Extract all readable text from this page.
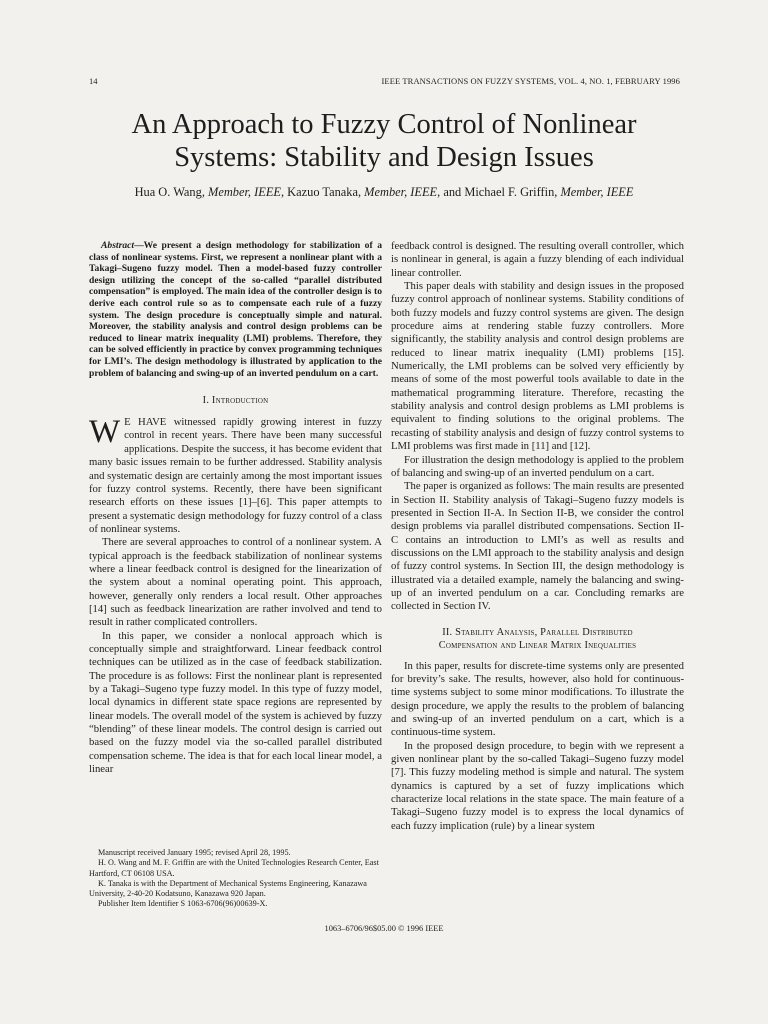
14	IEEE TRANSACTIONS ON FUZZY SYSTEMS, VOL. 4, NO. 1, FEBRUARY 1996
An Approach to Fuzzy Control of Nonlinear
Systems: Stability and Design Issues
Hua O. Wang, Member, IEEE, Kazuo Tanaka, Member, IEEE, and Michael F. Griffin, Member, IEEE

Abstract—We present a design methodology for stabilization of a class of nonlinear systems. First, we represent a nonlinear plant with a Takagi–Sugeno fuzzy model. Then a model-based fuzzy controller design utilizing the concept of the so-called “parallel distributed compensation” is employed. The main idea of the controller design is to derive each control rule so as to compensate each rule of a fuzzy system. The design procedure is conceptually simple and natural. Moreover, the stability analysis and control design problems can be reduced to linear matrix inequality (LMI) problems. Therefore, they can be solved efficiently in practice by convex programming techniques for LMI’s. The design methodology is illustrated by application to the problem of balancing and swing-up of an inverted pendulum on a cart.

I. Introduction

W E HAVE witnessed rapidly growing interest in fuzzy control in recent years. There have been many successful applications. Despite the success, it has become evident that many basic issues remain to be further addressed. Stability analysis and systematic design are certainly among the most important issues for fuzzy control systems. Recently, there have been significant research efforts on these issues [1]–[6]. This paper attempts to present a systematic design methodology for fuzzy control of a class of nonlinear systems.

There are several approaches to control of a nonlinear system. A typical approach is the feedback stabilization of nonlinear systems where a linear feedback control is designed for the linearization of the system about a nominal operating point. This approach, however, generally only renders a local result. Other approaches [14] such as feedback linearization are rather involved and tend to result in rather complicated controllers.

In this paper, we consider a nonlocal approach which is conceptually simple and straightforward. Linear feedback control techniques can be utilized as in the case of feedback stabilization. The procedure is as follows: First the nonlinear plant is represented by a Takagi–Sugeno type fuzzy model. In this type of fuzzy model, local dynamics in different state space regions are represented by linear models. The overall model of the system is achieved by fuzzy “blending” of these linear models. The control design is carried out based on the fuzzy model via the so-called parallel distributed compensation scheme. The idea is that for each local linear model, a linear

feedback control is designed. The resulting overall controller, which is nonlinear in general, is again a fuzzy blending of each individual linear controller.

This paper deals with stability and design issues in the proposed fuzzy control approach of nonlinear systems. Stability conditions of both fuzzy models and fuzzy control systems are given. The design procedure aims at rendering stable fuzzy controllers. More significantly, the stability analysis and control design problems are reduced to linear matrix inequality (LMI) problems [15]. Numerically, the LMI problems can be solved very efficiently by means of some of the most powerful tools available to date in the mathematical programming literature. Therefore, recasting the stability analysis and control design problems as LMI problems is equivalent to finding solutions to the original problems. The recasting of stability analysis and design of fuzzy control systems to LMI problems was first made in [11] and [12].

For illustration the design methodology is applied to the problem of balancing and swing-up of an inverted pendulum on a cart.

The paper is organized as follows: The main results are presented in Section II. Stability analysis of Takagi–Sugeno fuzzy models is presented in Section II-A. In Section II-B, we consider the control design problems via parallel distributed compensations. Section II-C contains an introduction to LMI’s as well as results and discussions on the LMI approach to the stability analysis and design of fuzzy control systems. In Section III, the design methodology is illustrated via a detailed example, namely the balancing and swing-up of an inverted pendulum on a car. Concluding remarks are collected in Section IV.

II. Stability Analysis, Parallel Distributed
Compensation and Linear Matrix Inequalities

In this paper, results for discrete-time systems only are presented for brevity’s sake. The results, however, also hold for continuous-time systems subject to some minor modifications. To illustrate the design procedure, we apply the results to the problem of balancing and swing-up of an inverted pendulum on a cart, which is a continuous-time system.

In the proposed design procedure, to begin with we represent a given nonlinear plant by the so-called Takagi–Sugeno fuzzy model [7]. This fuzzy modeling method is simple and natural. The system dynamics is captured by a set of fuzzy implications which characterize local relations in the state space. The main feature of a Takagi–Sugeno fuzzy model is to express the local dynamics of each fuzzy implication (rule) by a linear system

Manuscript received January 1995; revised April 28, 1995.

H. O. Wang and M. F. Griffin are with the United Technologies Research Center, East Hartford, CT 06108 USA.

K. Tanaka is with the Department of Mechanical Systems Engineering, Kanazawa University, 2-40-20 Kodatsuno, Kanazawa 920 Japan.

Publisher Item Identifier S 1063-6706(96)00639-X.

1063–6706/96$05.00 © 1996 IEEE
